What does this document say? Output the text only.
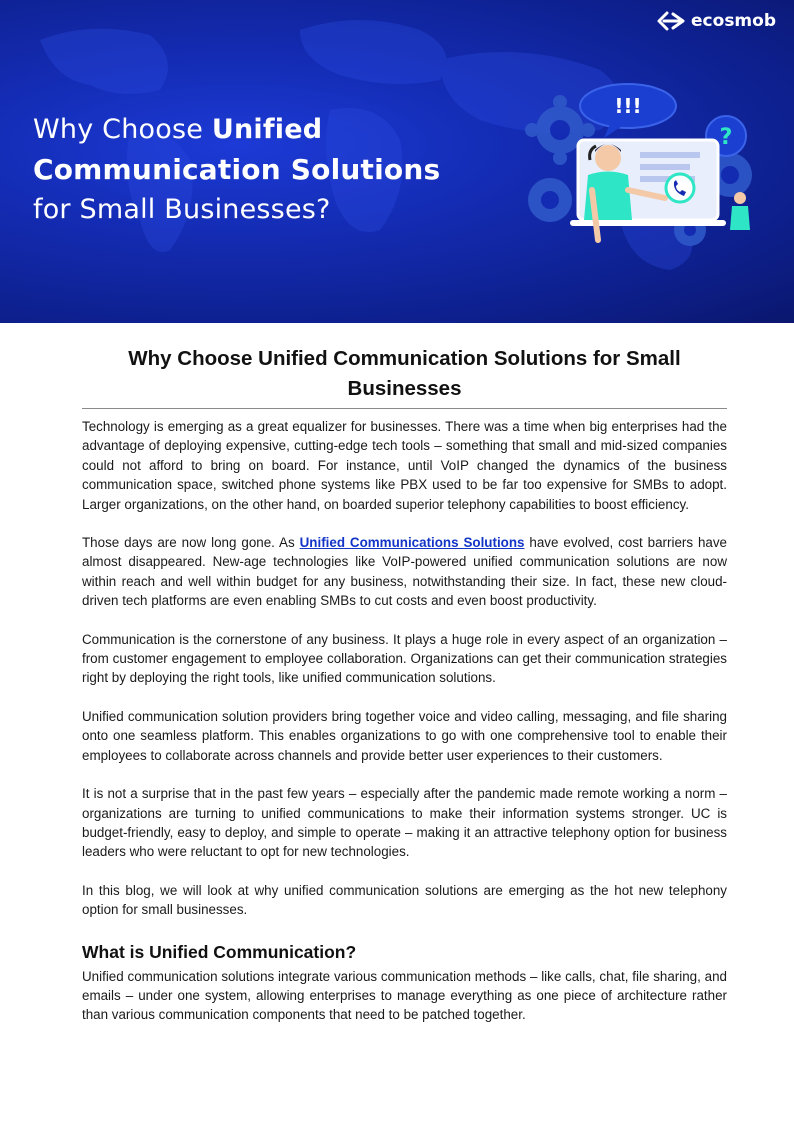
ecosmob
Why Choose Unified
Communication Solutions
for Small Businesses?
!!!
?
Why Choose Unified Communication Solutions for Small Businesses

Technology is emerging as a great equalizer for businesses. There was a time when big enterprises had the advantage of deploying expensive, cutting-edge tech tools – something that small and mid-sized companies could not afford to bring on board. For instance, until VoIP changed the dynamics of the business communication space, switched phone systems like PBX used to be far too expensive for SMBs to adopt. Larger organizations, on the other hand, on boarded superior telephony capabilities to boost efficiency.

Those days are now long gone. As Unified Communications Solutions have evolved, cost barriers have almost disappeared. New-age technologies like VoIP-powered unified communication solutions are now within reach and well within budget for any business, notwithstanding their size. In fact, these new cloud-driven tech platforms are even enabling SMBs to cut costs and even boost productivity.

Communication is the cornerstone of any business. It plays a huge role in every aspect of an organization – from customer engagement to employee collaboration. Organizations can get their communication strategies right by deploying the right tools, like unified communication solutions.

Unified communication solution providers bring together voice and video calling, messaging, and file sharing onto one seamless platform. This enables organizations to go with one comprehensive tool to enable their employees to collaborate across channels and provide better user experiences to their customers.

It is not a surprise that in the past few years – especially after the pandemic made remote working a norm – organizations are turning to unified communications to make their information systems stronger. UC is budget-friendly, easy to deploy, and simple to operate – making it an attractive telephony option for business leaders who were reluctant to opt for new technologies.

In this blog, we will look at why unified communication solutions are emerging as the hot new telephony option for small businesses.

What is Unified Communication?

Unified communication solutions integrate various communication methods – like calls, chat, file sharing, and emails – under one system, allowing enterprises to manage everything as one piece of architecture rather than various communication components that need to be patched together.
